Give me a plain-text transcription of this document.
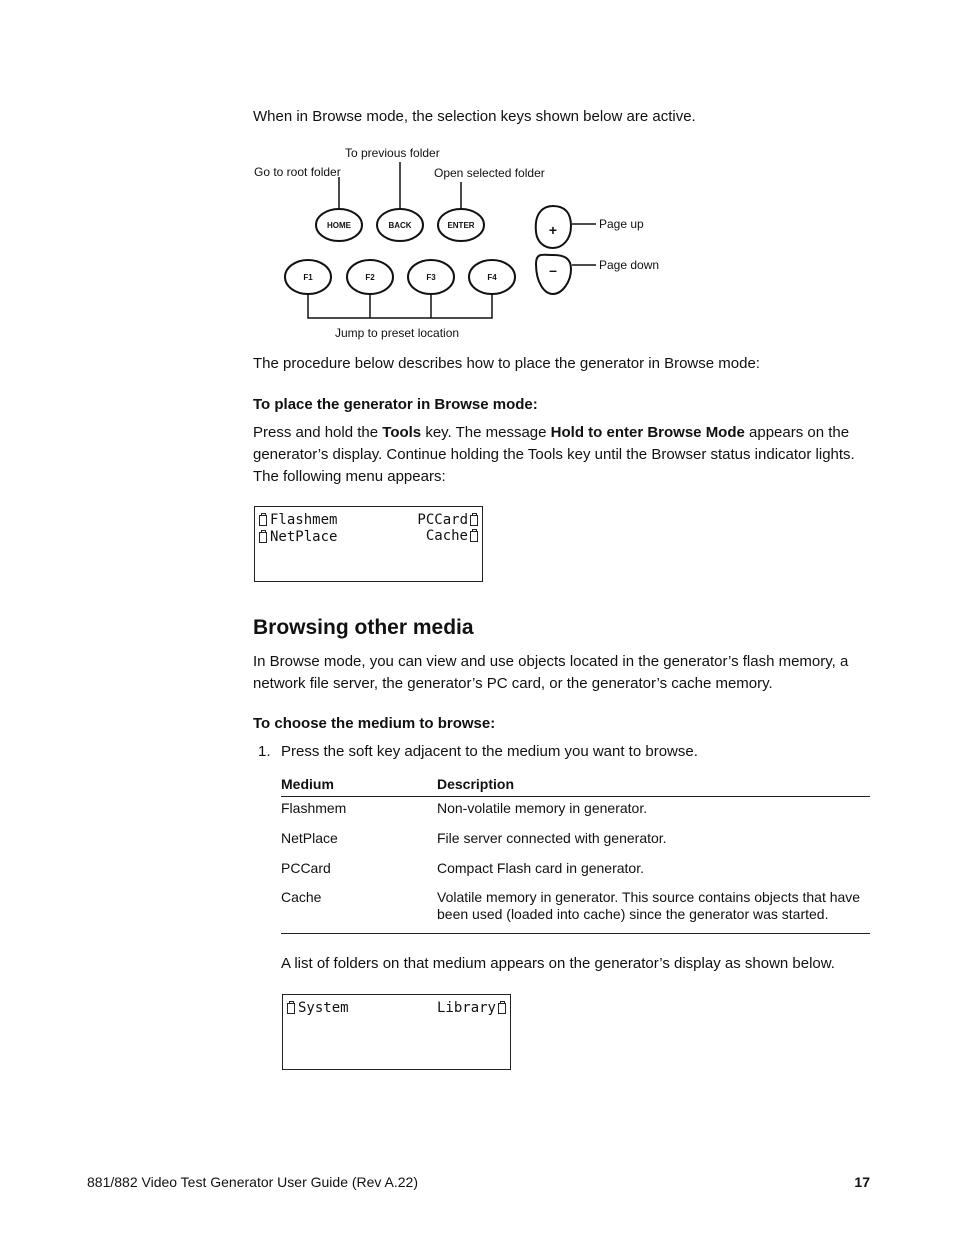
When in Browse mode, the selection keys shown below are active.
HOME	BACK	ENTER
F1	F2	F3	F4
+
–
To previous folder
Go to root folder	Open selected folder
Page up
Page down
Jump to preset location
The procedure below describes how to place the generator in Browse mode:
To place the generator in Browse mode:
Press and hold the Tools key. The message Hold to enter Browse Mode appears on the generator’s display. Continue holding the Tools key until the Browser status indicator lights. The following menu appears:
Flashmem	PCCard
NetPlace	Cache
Browsing other media
In Browse mode, you can view and use objects located in the generator’s flash memory, a network file server, the generator’s PC card, or the generator’s cache memory.
To choose the medium to browse:
1. Press the soft key adjacent to the medium you want to browse.
Medium	Description
Flashmem	Non-volatile memory in generator.
NetPlace	File server connected with generator.
PCCard	Compact Flash card in generator.
Cache	Volatile memory in generator. This source contains objects that have been used (loaded into cache) since the generator was started.
A list of folders on that medium appears on the generator’s display as shown below.
System	Library
881/882 Video Test Generator User Guide (Rev A.22)	17
